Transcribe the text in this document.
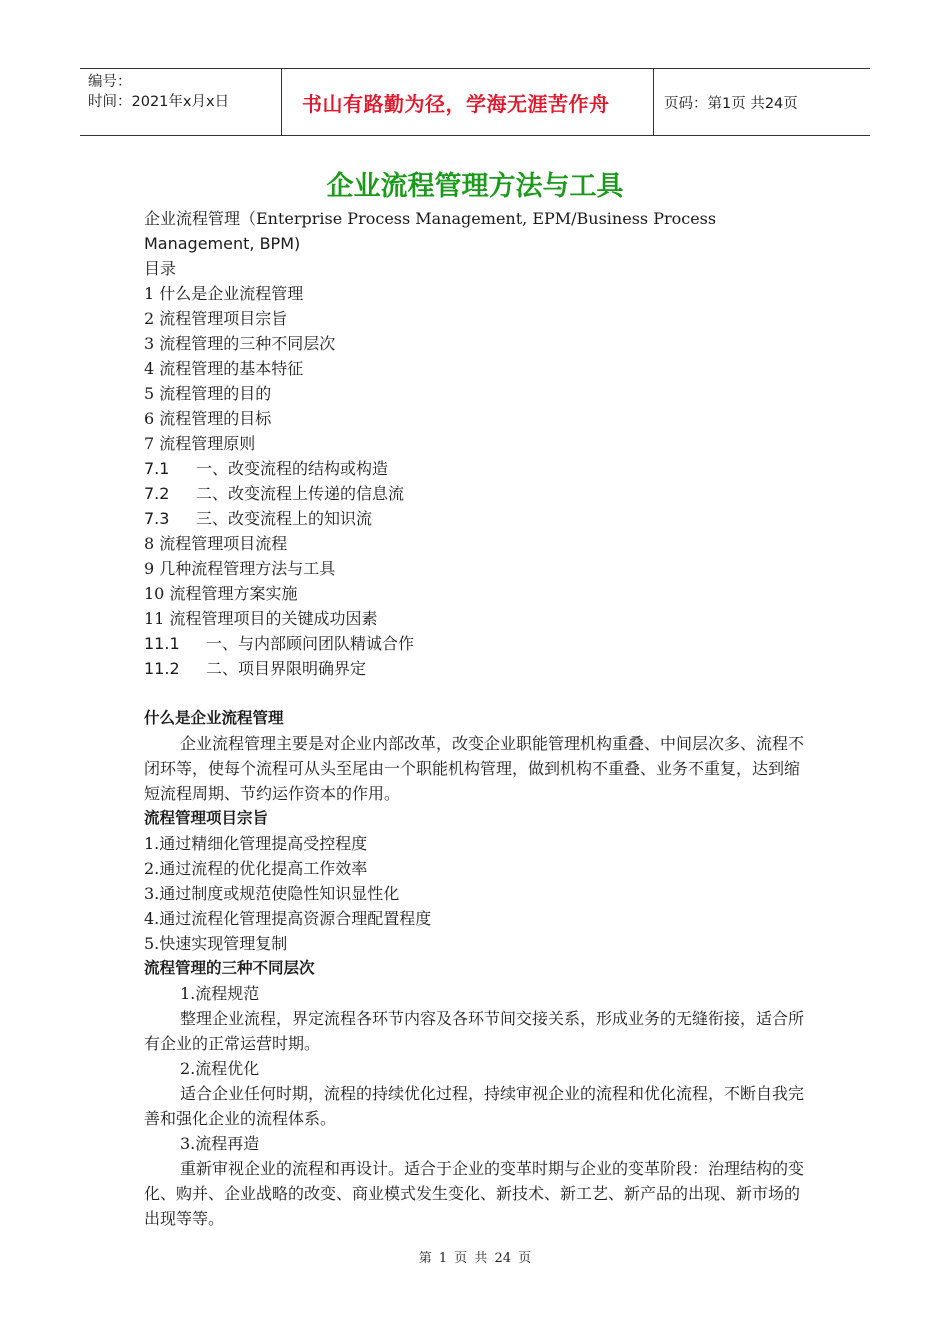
编号：
时间：2021年x月x日	书山有路勤为径，学海无涯苦作舟	页码：第1页 共24页
企业流程管理方法与工具
企业流程管理（Enterprise Process Management, EPM/Business Process
Management, BPM)
目录
1 什么是企业流程管理
2 流程管理项目宗旨
3 流程管理的三种不同层次
4 流程管理的基本特征
5 流程管理的目的
6 流程管理的目标
7 流程管理原则
7.1 一、改变流程的结构或构造
7.2 二、改变流程上传递的信息流
7.3 三、改变流程上的知识流
8 流程管理项目流程
9 几种流程管理方法与工具
10 流程管理方案实施
11 流程管理项目的关键成功因素
11.1 一、与内部顾问团队精诚合作
11.2 二、项目界限明确界定
什么是企业流程管理
企业流程管理主要是对企业内部改革，改变企业职能管理机构重叠、中间层次多、流程不闭环等，使每个流程可从头至尾由一个职能机构管理，做到机构不重叠、业务不重复，达到缩短流程周期、节约运作资本的作用。
流程管理项目宗旨
1.通过精细化管理提高受控程度
2.通过流程的优化提高工作效率
3.通过制度或规范使隐性知识显性化
4.通过流程化管理提高资源合理配置程度
5.快速实现管理复制
流程管理的三种不同层次
1.流程规范
整理企业流程，界定流程各环节内容及各环节间交接关系，形成业务的无缝衔接，适合所有企业的正常运营时期。
2.流程优化
适合企业任何时期，流程的持续优化过程，持续审视企业的流程和优化流程，不断自我完善和强化企业的流程体系。
3.流程再造
重新审视企业的流程和再设计。适合于企业的变革时期与企业的变革阶段：治理结构的变化、购并、企业战略的改变、商业模式发生变化、新技术、新工艺、新产品的出现、新市场的出现等等。
第 1 页 共 24 页
